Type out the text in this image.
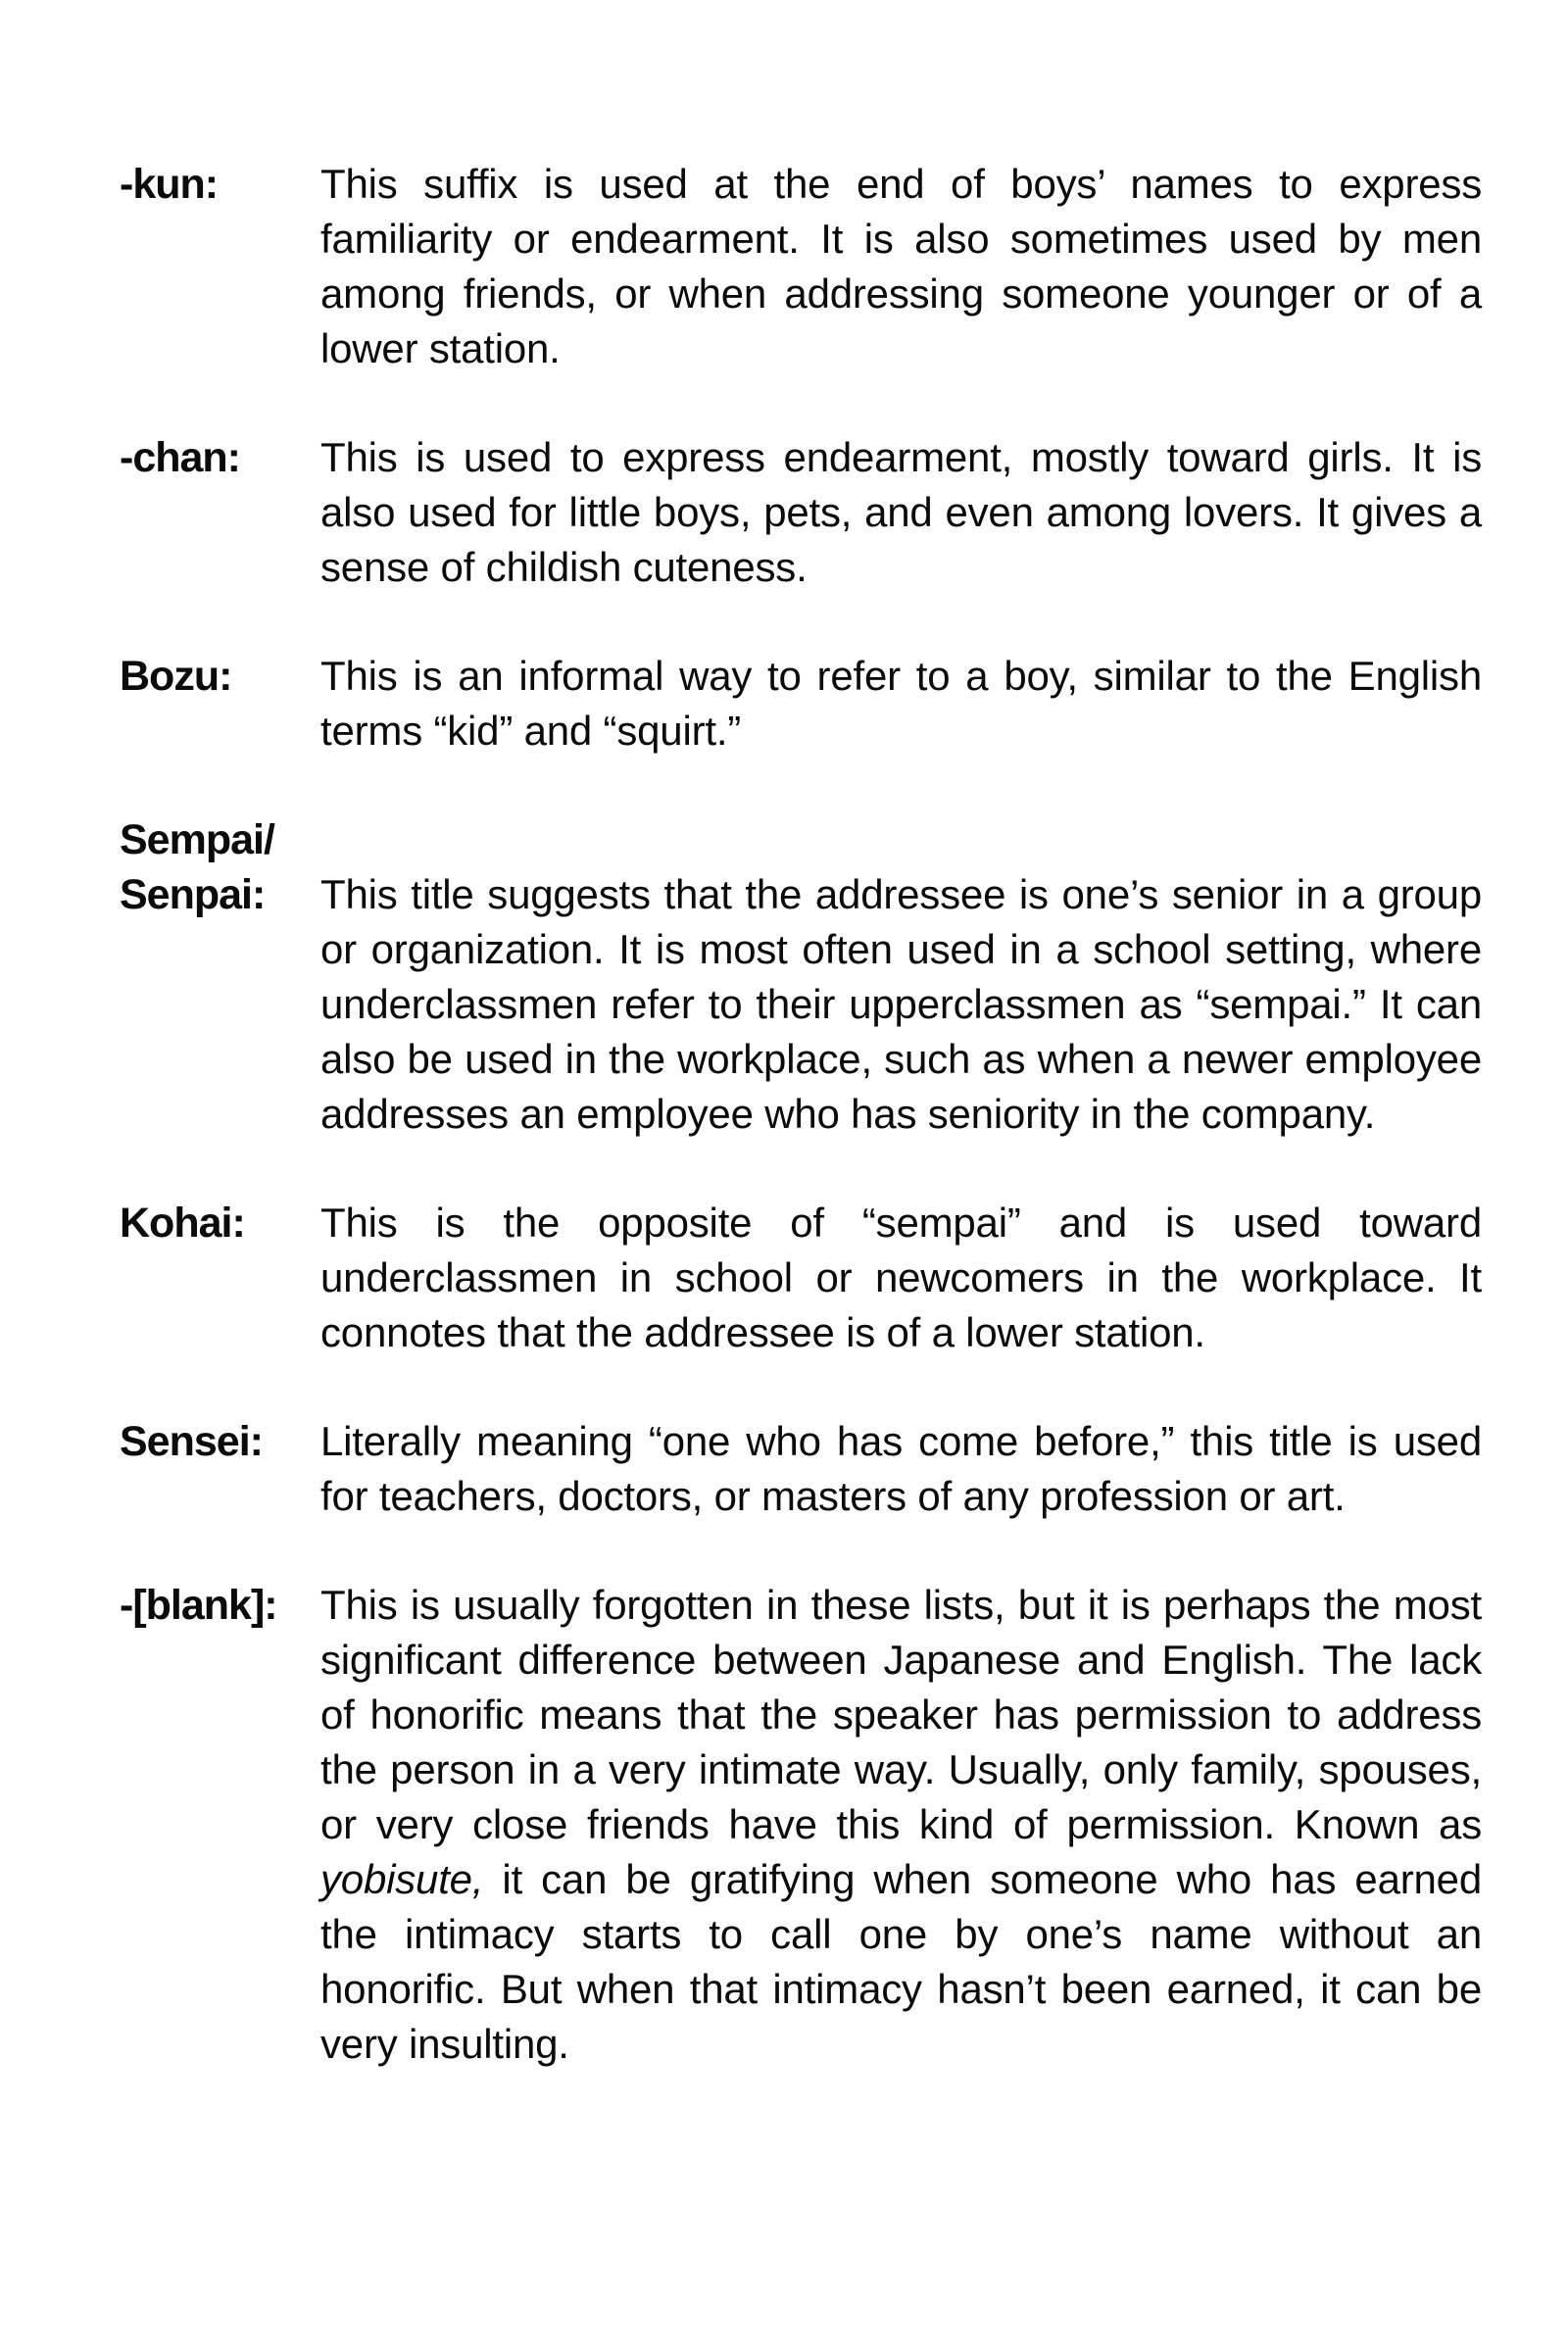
-kun:	This suffix is used at the end of boys’ names to express familiarity or endearment. It is also sometimes used by men among friends, or when addressing someone younger or of a lower station.
-chan:	This is used to express endearment, mostly toward girls. It is also used for little boys, pets, and even among lovers. It gives a sense of childish cuteness.
Bozu:	This is an informal way to refer to a boy, similar to the English terms “kid” and “squirt.”
Sempai/
Senpai:	This title suggests that the addressee is one’s senior in a group or organization. It is most often used in a school setting, where underclassmen refer to their upperclassmen as “sempai.” It can also be used in the workplace, such as when a newer employee addresses an employee who has seniority in the company.
Kohai:	This is the opposite of “sempai” and is used toward underclassmen in school or newcomers in the workplace. It connotes that the addressee is of a lower station.
Sensei:	Literally meaning “one who has come before,” this title is used for teachers, doctors, or masters of any profession or art.
-[blank]:	This is usually forgotten in these lists, but it is perhaps the most significant difference between Japanese and English. The lack of honorific means that the speaker has permission to address the person in a very intimate way. Usually, only family, spouses, or very close friends have this kind of permission. Known as yobisute, it can be gratifying when someone who has earned the intimacy starts to call one by one’s name without an honorific. But when that intimacy hasn’t been earned, it can be very insulting.
